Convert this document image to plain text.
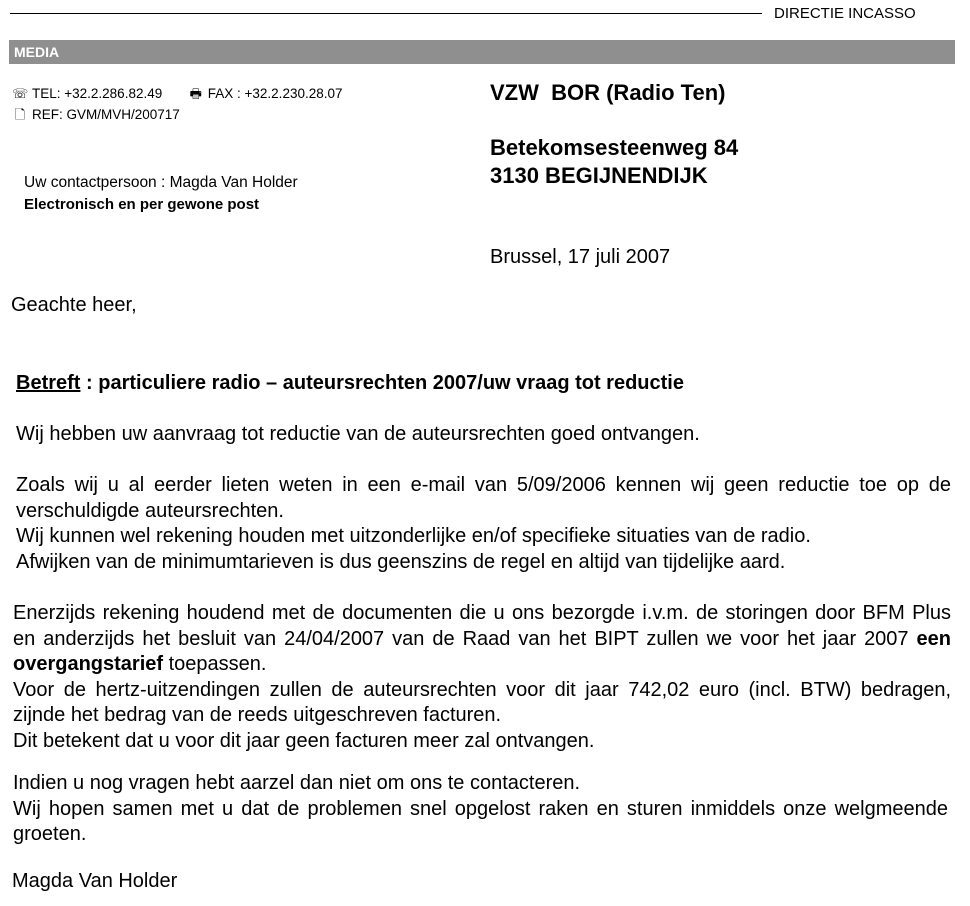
DIRECTIE INCASSO
MEDIA
☏ TEL: +32.2.286.82.49 🖶 FAX : +32.2.230.28.07
🗋 REF: GVM/MVH/200717
Uw contactpersoon : Magda Van Holder
Electronisch en per gewone post
VZW  BOR (Radio Ten)
Betekomsesteenweg 84
3130 BEGIJNENDIJK
Brussel, 17 juli 2007
Geachte heer,
Betreft : particuliere radio – auteursrechten 2007/uw vraag tot reductie
Wij hebben uw aanvraag tot reductie van de auteursrechten goed ontvangen.
Zoals wij u al eerder lieten weten in een e-mail van 5/09/2006 kennen wij geen reductie toe op de verschuldigde auteursrechten.
Wij kunnen wel rekening houden met uitzonderlijke en/of specifieke situaties van de radio.
Afwijken van de minimumtarieven is dus geenszins de regel en altijd van tijdelijke aard.
Enerzijds rekening houdend met de documenten die u ons bezorgde i.v.m. de storingen door BFM Plus en anderzijds het besluit van 24/04/2007 van de Raad van het BIPT zullen we voor het jaar 2007 een overgangstarief toepassen.
Voor de hertz-uitzendingen zullen de auteursrechten voor dit jaar 742,02 euro (incl. BTW) bedragen, zijnde het bedrag van de reeds uitgeschreven facturen.
Dit betekent dat u voor dit jaar geen facturen meer zal ontvangen.
Indien u nog vragen hebt aarzel dan niet om ons te contacteren.
Wij hopen samen met u dat de problemen snel opgelost raken en sturen inmiddels onze welgmeende groeten.
Magda Van Holder
